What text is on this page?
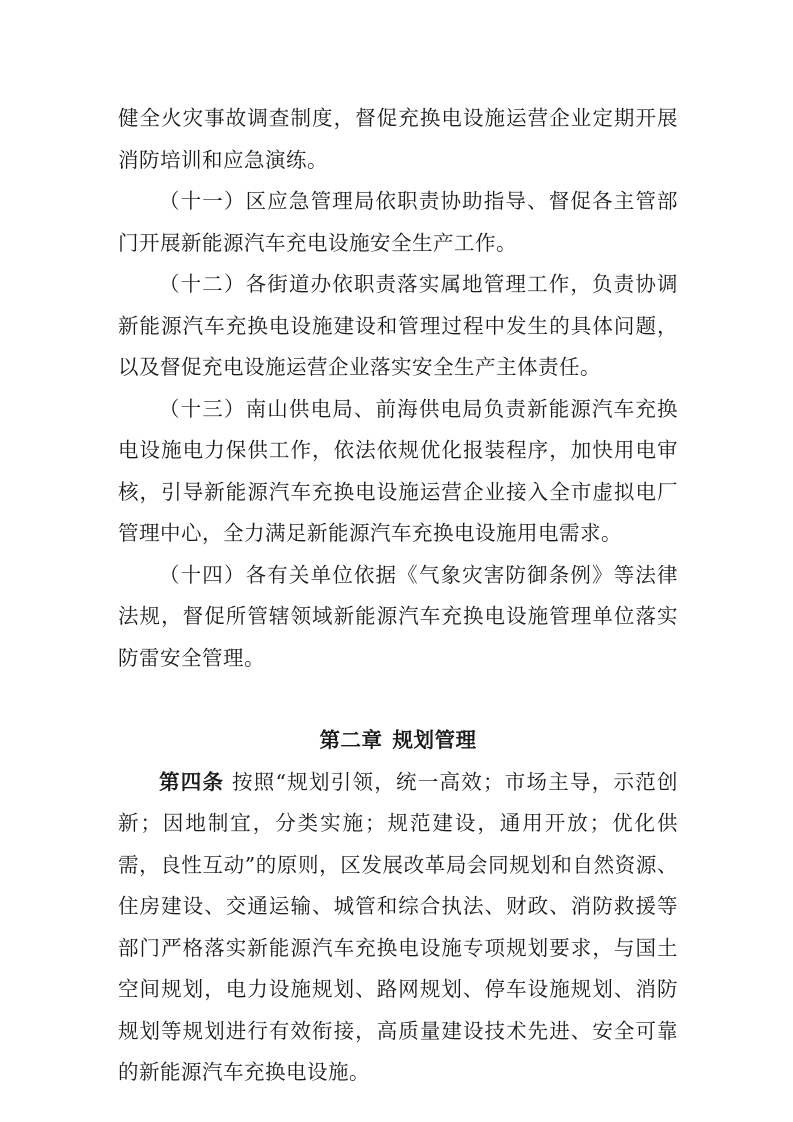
健全火灾事故调查制度，督促充换电设施运营企业定期开展消防培训和应急演练。

（十一）区应急管理局依职责协助指导、督促各主管部门开展新能源汽车充电设施安全生产工作。

（十二）各街道办依职责落实属地管理工作，负责协调新能源汽车充换电设施建设和管理过程中发生的具体问题，以及督促充电设施运营企业落实安全生产主体责任。

（十三）南山供电局、前海供电局负责新能源汽车充换电设施电力保供工作，依法依规优化报装程序，加快用电审核，引导新能源汽车充换电设施运营企业接入全市虚拟电厂管理中心，全力满足新能源汽车充换电设施用电需求。

（十四）各有关单位依据《气象灾害防御条例》等法律法规，督促所管辖领域新能源汽车充换电设施管理单位落实防雷安全管理。

第二章 规划管理

第四条 按照“规划引领，统一高效；市场主导，示范创新；因地制宜，分类实施；规范建设，通用开放；优化供需，良性互动”的原则，区发展改革局会同规划和自然资源、住房建设、交通运输、城管和综合执法、财政、消防救援等部门严格落实新能源汽车充换电设施专项规划要求，与国土空间规划，电力设施规划、路网规划、停车设施规划、消防规划等规划进行有效衔接，高质量建设技术先进、安全可靠的新能源汽车充换电设施。
